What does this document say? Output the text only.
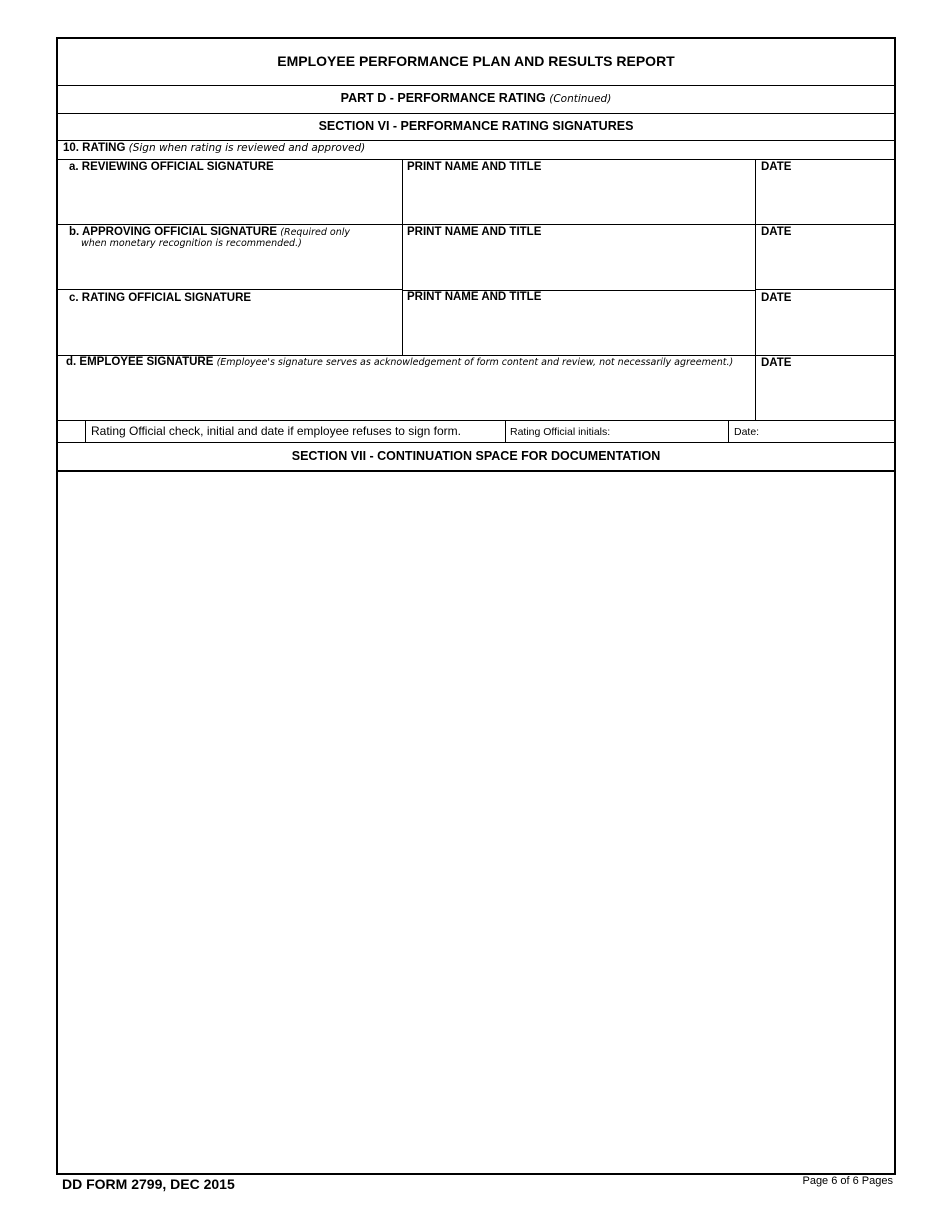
EMPLOYEE PERFORMANCE PLAN AND RESULTS REPORT
PART D - PERFORMANCE RATING (Continued)
SECTION VI - PERFORMANCE RATING SIGNATURES
10. RATING (Sign when rating is reviewed and approved)
a. REVIEWING OFFICIAL SIGNATURE	PRINT NAME AND TITLE	DATE
b. APPROVING OFFICIAL SIGNATURE (Required only
when monetary recognition is recommended.)
PRINT NAME AND TITLE	DATE
c. RATING OFFICIAL SIGNATURE	PRINT NAME AND TITLE	DATE
d. EMPLOYEE SIGNATURE (Employee's signature serves as acknowledgement of form content and review, not necessarily agreement.)	DATE
Rating Official check, initial and date if employee refuses to sign form.	Rating Official initials:	Date:
SECTION VII - CONTINUATION SPACE FOR DOCUMENTATION
DD FORM 2799, DEC 2015	Page 6 of 6 Pages
